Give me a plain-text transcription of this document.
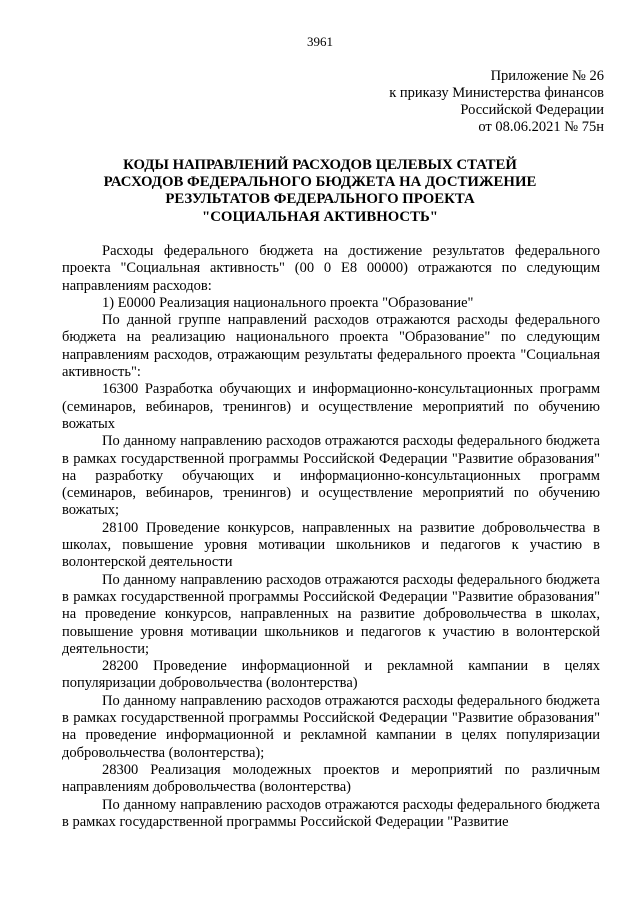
3961
Приложение № 26
к приказу Министерства финансов
Российской Федерации
от 08.06.2021 № 75н
КОДЫ НАПРАВЛЕНИЙ РАСХОДОВ ЦЕЛЕВЫХ СТАТЕЙ
РАСХОДОВ ФЕДЕРАЛЬНОГО БЮДЖЕТА НА ДОСТИЖЕНИЕ
РЕЗУЛЬТАТОВ ФЕДЕРАЛЬНОГО ПРОЕКТА
"СОЦИАЛЬНАЯ АКТИВНОСТЬ"

Расходы федерального бюджета на достижение результатов федерального проекта "Социальная активность" (00 0 Е8 00000) отражаются по следующим направлениям расходов:

1) Е0000 Реализация национального проекта "Образование"

По данной группе направлений расходов отражаются расходы федерального бюджета на реализацию национального проекта "Образование" по следующим направлениям расходов, отражающим результаты федерального проекта "Социальная активность":

16300 Разработка обучающих и информационно-консультационных программ (семинаров, вебинаров, тренингов) и осуществление мероприятий по обучению вожатых

По данному направлению расходов отражаются расходы федерального бюджета в рамках государственной программы Российской Федерации "Развитие образования" на разработку обучающих и информационно-консультационных программ (семинаров, вебинаров, тренингов) и осуществление мероприятий по обучению вожатых;

28100 Проведение конкурсов, направленных на развитие добровольчества в школах, повышение уровня мотивации школьников и педагогов к участию в волонтерской деятельности

По данному направлению расходов отражаются расходы федерального бюджета в рамках государственной программы Российской Федерации "Развитие образования" на проведение конкурсов, направленных на развитие добровольчества в школах, повышение уровня мотивации школьников и педагогов к участию в волонтерской деятельности;

28200 Проведение информационной и рекламной кампании в целях популяризации добровольчества (волонтерства)

По данному направлению расходов отражаются расходы федерального бюджета в рамках государственной программы Российской Федерации "Развитие образования" на проведение информационной и рекламной кампании в целях популяризации добровольчества (волонтерства);

28300 Реализация молодежных проектов и мероприятий по различным направлениям добровольчества (волонтерства)

По данному направлению расходов отражаются расходы федерального бюджета в рамках государственной программы Российской Федерации "Развитие
